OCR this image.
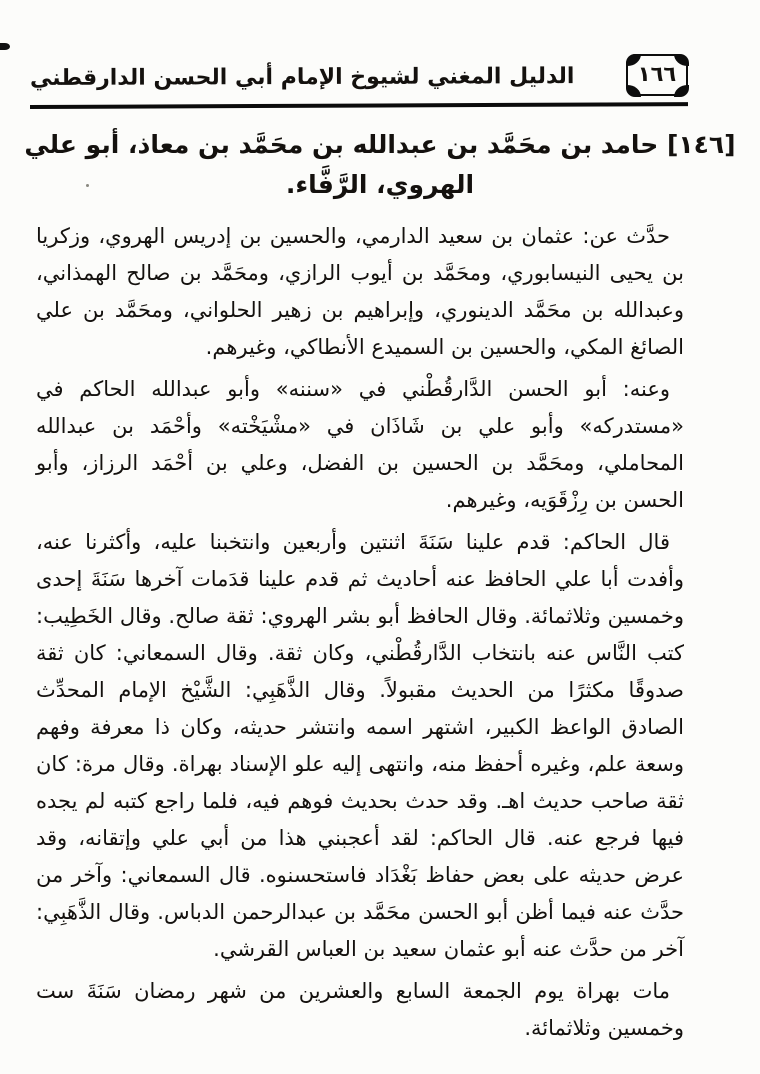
١٦٦
الدليل المغني لشيوخ الإمام أبي الحسن الدارقطني
[١٤٦] حامد بن محَمَّد بن عبدالله بن محَمَّد بن معاذ، أبو علي
الهروي، الرَّفَّاء.

حدَّث عن: عثمان بن سعيد الدارمي، والحسين بن إدريس الهروي، وزكريا بن يحيى النيسابوري، ومحَمَّد بن أيوب الرازي، ومحَمَّد بن صالح الهمذاني، وعبدالله بن محَمَّد الدينوري، وإبراهيم بن زهير الحلواني، ومحَمَّد بن علي الصائغ المكي، والحسين بن السميدع الأنطاكي، وغيرهم.

وعنه: أبو الحسن الدَّارقُطْني في «سننه» وأبو عبدالله الحاكم في «مستدركه» وأبو علي بن شَاذَان في «مشْيَخْته» وأحْمَد بن عبدالله المحاملي، ومحَمَّد بن الحسين بن الفضل، وعلي بن أحْمَد الرزاز، وأبو الحسن بن رِزْقَوَيه، وغيرهم.

قال الحاكم: قدم علينا سَنَةَ اثنتين وأربعين وانتخبنا عليه، وأكثرنا عنه، وأفدت أبا علي الحافظ عنه أحاديث ثم قدم علينا قدَمات آخرها سَنَةَ إحدى وخمسين وثلاثمائة. وقال الحافظ أبو بشر الهروي: ثقة صالح. وقال الخَطِيب: كتب النَّاس عنه بانتخاب الدَّارقُطْني، وكان ثقة. وقال السمعاني: كان ثقة صدوقًا مكثرًا من الحديث مقبولاً. وقال الذَّهَبِي: الشَّيْخ الإمام المحدِّث الصادق الواعظ الكبير، اشتهر اسمه وانتشر حديثه، وكان ذا معرفة وفهم وسعة علم، وغيره أحفظ منه، وانتهى إليه علو الإسناد بهراة. وقال مرة: كان ثقة صاحب حديث اهـ. وقد حدث بحديث فوهم فيه، فلما راجع كتبه لم يجده فيها فرجع عنه. قال الحاكم: لقد أعجبني هذا من أبي علي وإتقانه، وقد عرض حديثه على بعض حفاظ بَغْدَاد فاستحسنوه. قال السمعاني: وآخر من حدَّث عنه فيما أظن أبو الحسن محَمَّد بن عبدالرحمن الدباس. وقال الذَّهَبِي: آخر من حدَّث عنه أبو عثمان سعيد بن العباس القرشي.

مات بهراة يوم الجمعة السابع والعشرين من شهر رمضان سَنَةَ ست وخمسين وثلاثمائة.
